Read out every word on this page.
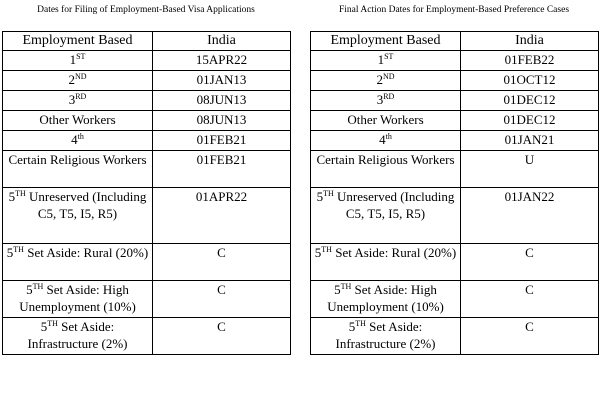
Dates for Filing of Employment-Based Visa Applications
Employment Based	India
1ST	15APR22
2ND	01JAN13
3RD	08JUN13
Other Workers	08JUN13
4th	01FEB21
Certain Religious Workers	01FEB21
5TH Unreserved (Including C5, T5, I5, R5)	01APR22
5TH Set Aside: Rural (20%)	C
5TH Set Aside: High Unemployment (10%)	C
5TH Set Aside: Infrastructure (2%)	C
Final Action Dates for Employment-Based Preference Cases
Employment Based	India
1ST	01FEB22
2ND	01OCT12
3RD	01DEC12
Other Workers	01DEC12
4th	01JAN21
Certain Religious Workers	U
5TH Unreserved (Including C5, T5, I5, R5)	01JAN22
5TH Set Aside: Rural (20%)	C
5TH Set Aside: High Unemployment (10%)	C
5TH Set Aside: Infrastructure (2%)	C
